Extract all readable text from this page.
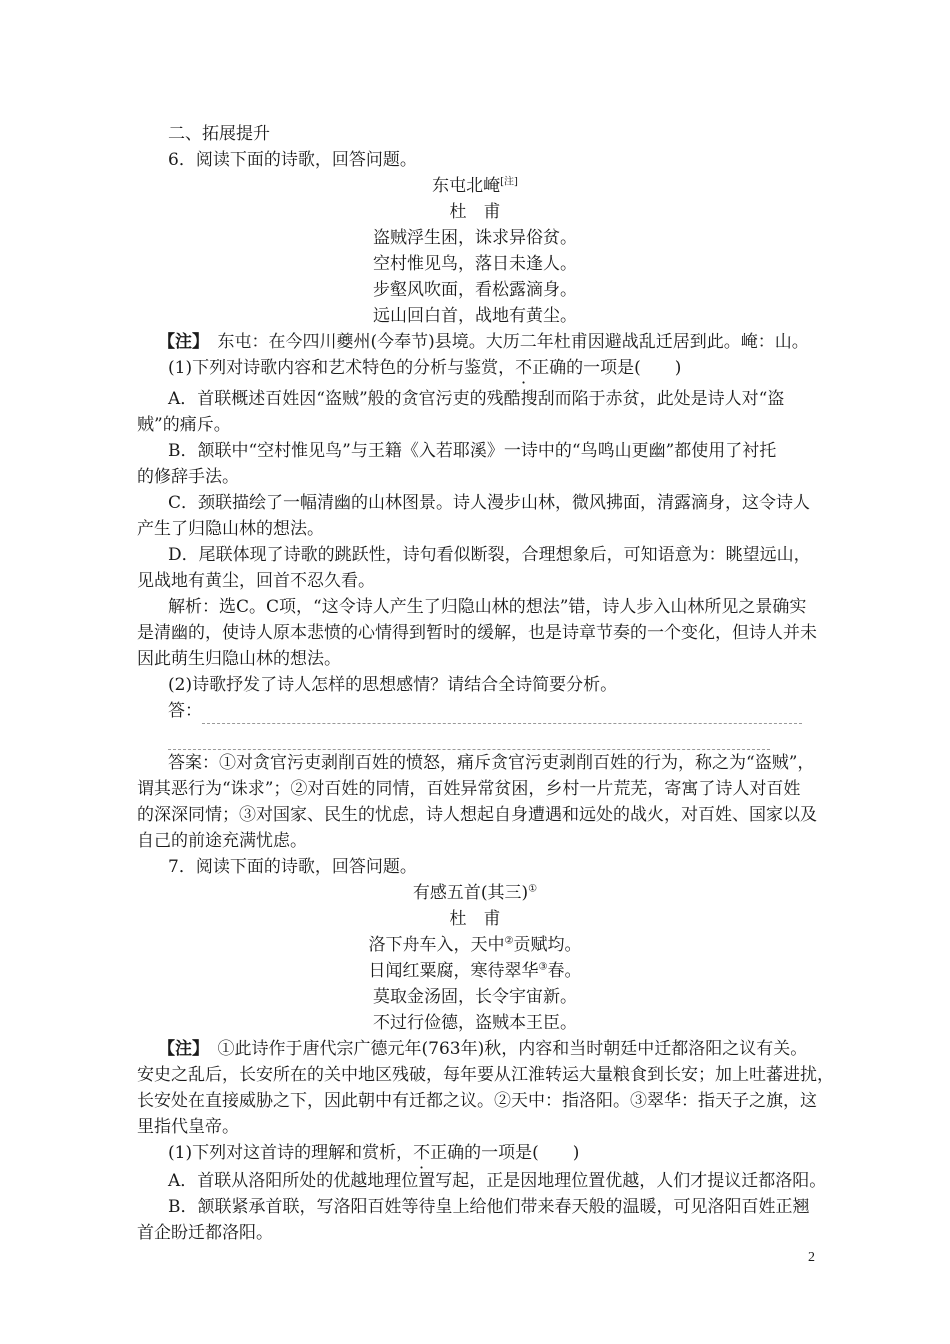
二、拓展提升
6．阅读下面的诗歌，回答问题。
东屯北崦[注]
杜　甫
盗贼浮生困，诛求异俗贫。
空村惟见鸟，落日未逢人。
步壑风吹面，看松露滴身。
远山回白首，战地有黄尘。
【注】　东屯：在今四川夔州(今奉节)县境。大历二年杜甫因避战乱迁居到此。崦：山。
(1)下列对诗歌内容和艺术特色的分析与鉴赏，不正确的一项是(　　)
A．首联概述百姓因“盗贼”般的贪官污吏的残酷搜刮而陷于赤贫，此处是诗人对“盗
贼”的痛斥。
B．颔联中“空村惟见鸟”与王籍《入若耶溪》一诗中的“鸟鸣山更幽”都使用了衬托
的修辞手法。
C．颈联描绘了一幅清幽的山林图景。诗人漫步山林，微风拂面，清露滴身，这令诗人
产生了归隐山林的想法。
D．尾联体现了诗歌的跳跃性，诗句看似断裂，合理想象后，可知语意为：眺望远山，
见战地有黄尘，回首不忍久看。
解析：选C。C项，“这令诗人产生了归隐山林的想法”错，诗人步入山林所见之景确实
是清幽的，使诗人原本悲愤的心情得到暂时的缓解，也是诗章节奏的一个变化，但诗人并未
因此萌生归隐山林的想法。
(2)诗歌抒发了诗人怎样的思想感情？请结合全诗简要分析。
答：
答案：①对贪官污吏剥削百姓的愤怒，痛斥贪官污吏剥削百姓的行为，称之为“盗贼”，
谓其恶行为“诛求”；②对百姓的同情，百姓异常贫困，乡村一片荒芜，寄寓了诗人对百姓
的深深同情；③对国家、民生的忧虑，诗人想起自身遭遇和远处的战火，对百姓、国家以及
自己的前途充满忧虑。
7．阅读下面的诗歌，回答问题。
有感五首(其三)①
杜　甫
洛下舟车入，天中②贡赋均。
日闻红粟腐，寒待翠华③春。
莫取金汤固，长令宇宙新。
不过行俭德，盗贼本王臣。
【注】　①此诗作于唐代宗广德元年(763年)秋，内容和当时朝廷中迁都洛阳之议有关。
安史之乱后，长安所在的关中地区残破，每年要从江淮转运大量粮食到长安；加上吐蕃进扰，
长安处在直接威胁之下，因此朝中有迁都之议。②天中：指洛阳。③翠华：指天子之旗，这
里指代皇帝。
(1)下列对这首诗的理解和赏析，不正确的一项是(　　)
A．首联从洛阳所处的优越地理位置写起，正是因地理位置优越，人们才提议迁都洛阳。
B．颔联紧承首联，写洛阳百姓等待皇上给他们带来春天般的温暖，可见洛阳百姓正翘
首企盼迁都洛阳。
2
